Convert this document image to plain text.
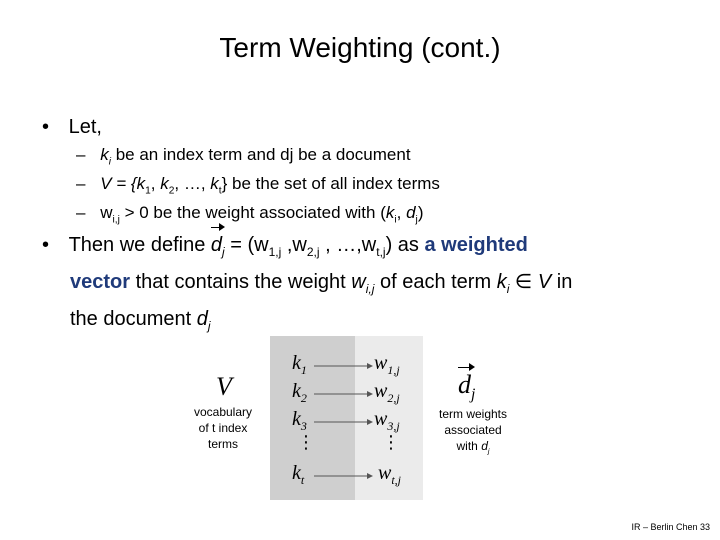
Term Weighting (cont.)
• Let,
– $k_i$ be an index term and dj be a document
– $V = \{k_1$, $k_2$, …, $k_t$} be the set of all index terms
– $w_{i,j} > 0$ be the weight associated with ($k_i$, $d_j$)
• Then we define $d_j = (w_{1,j}$ $,w_{2,j}$ , $\dots,w_{t,j}$) as a weighted
vector that contains the weight $w_{i,j}$ of each term $k_i$ ∈ V in
the document $d_j$
V
vocabulary
of t index
terms
$k_1$
$k_2$
$k_3$
⋮
$k_t$
$w_{1,j}$
$w_{2,j}$
$w_{3,j}$
⋮
$w_{t,j}$
$d_j$
term weights
associated
with $d_j$
IR – Berlin Chen 33
